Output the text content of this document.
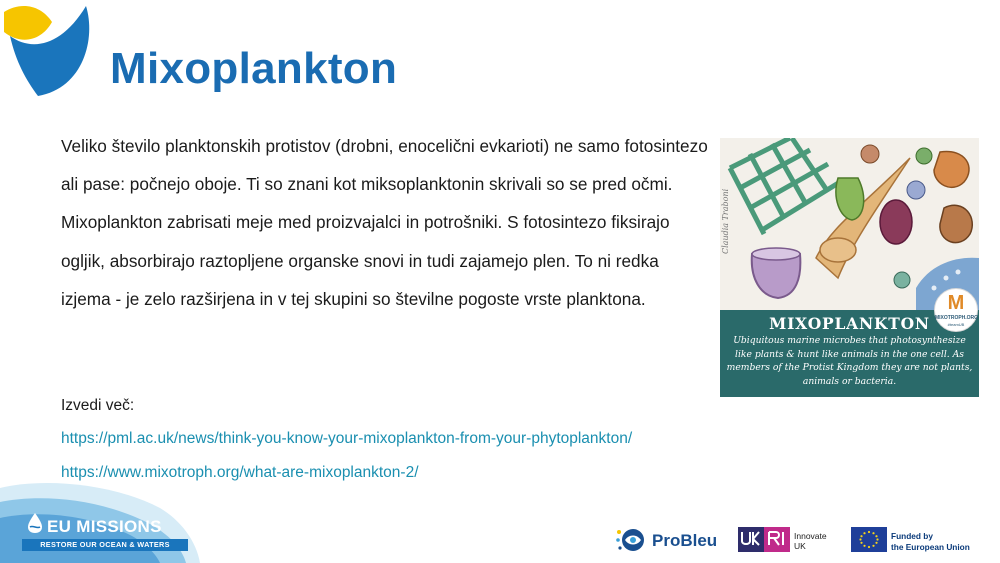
Mixoplankton
Veliko število planktonskih protistov (drobni, enocelični evkarioti) ne samo fotosintezo ali pase: počnejo oboje. Ti so znani kot miksoplanktonin skrivali so se pred očmi. Mixoplankton zabrisati meje med proizvajalci in potrošniki. S fotosintezo fiksirajo ogljik, absorbirajo raztopljene organske snovi in tudi zajamejo plen. To ni redka izjema - je zelo razširjena in v tej skupini so številne pogoste vrste planktona.
Izvedi več:
https://pml.ac.uk/news/think-you-know-your-mixoplankton-from-your-phytoplankton/
https://www.mixotroph.org/what-are-mixoplankton-2/
Claudia Traboni
MIXOPLANKTON
Ubiquitous marine microbes that photosynthesize like plants & hunt like animals in the one cell. As members of the Protist Kingdom they are not plants, animals or bacteria.
M
MIXOTROPH.ORG
#teamUB
EU MISSIONS
RESTORE OUR OCEAN & WATERS	ProBleu	Innovate
UK
Funded by
the European Union
